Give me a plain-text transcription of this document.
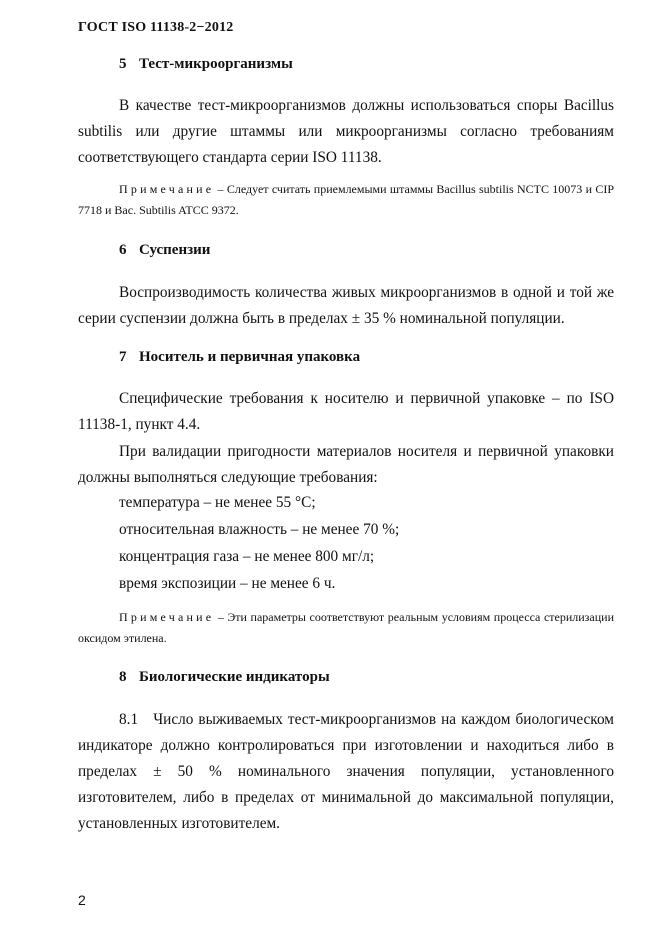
ГОСТ ISO 11138-2−2012
5 Тест-микроорганизмы
В качестве тест-микроорганизмов должны использоваться споры Bacillus subtilis или другие штаммы или микроорганизмы согласно требованиям соответствующего стандарта серии ISO 11138.
Примечание – Следует считать приемлемыми штаммы Bacillus subtilis NCTC 10073 и CIP 7718 и Bac. Subtilis ATCC 9372.
6 Суспензии
Воспроизводимость количества живых микроорганизмов в одной и той же серии суспензии должна быть в пределах ± 35 % номинальной популяции.
7 Носитель и первичная упаковка
Специфические требования к носителю и первичной упаковке – по ISO 11138-1, пункт 4.4.
При валидации пригодности материалов носителя и первичной упаковки должны выполняться следующие требования:
температура – не менее 55 °С;
относительная влажность – не менее 70 %;
концентрация газа – не менее 800 мг/л;
время экспозиции – не менее 6 ч.
Примечание – Эти параметры соответствуют реальным условиям процесса стерилизации оксидом этилена.
8 Биологические индикаторы
8.1   Число выживаемых тест-микроорганизмов на каждом биологическом индикаторе должно контролироваться при изготовлении и находиться либо в пределах ± 50 % номинального значения популяции, установленного изготовителем, либо в пределах от минимальной до максимальной популяции, установленных изготовителем.
2
